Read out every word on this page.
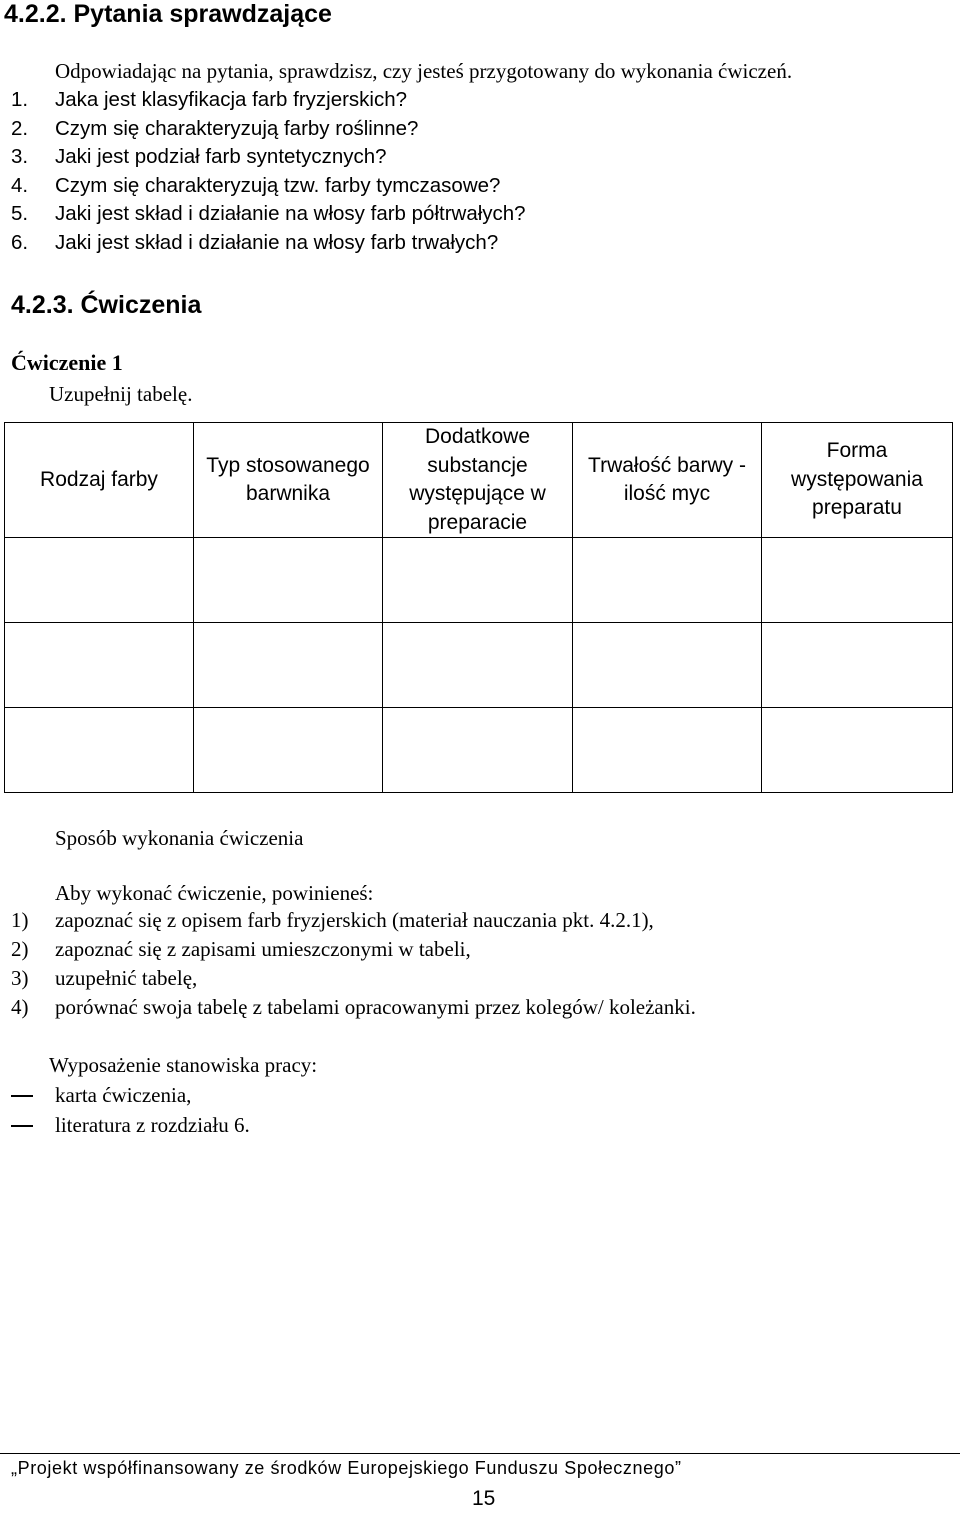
4.2.2. Pytania sprawdzające
Odpowiadając na pytania, sprawdzisz, czy jesteś przygotowany do wykonania ćwiczeń.
1.	Jaka jest klasyfikacja farb fryzjerskich?
2.	Czym się charakteryzują farby roślinne?
3.	Jaki jest podział farb syntetycznych?
4.	Czym się charakteryzują tzw. farby tymczasowe?
5.	Jaki jest skład i działanie na włosy farb półtrwałych?
6.	Jaki jest skład i działanie na włosy farb trwałych?
4.2.3. Ćwiczenia
Ćwiczenie 1
Uzupełnij tabelę.
Rodzaj farby	Typ stosowanego barwnika	Dodatkowe substancje występujące w preparacie	Trwałość barwy - ilość myc	Forma występowania preparatu

Sposób wykonania ćwiczenia
Aby wykonać ćwiczenie, powinieneś:
1) zapoznać się z opisem farb fryzjerskich (materiał nauczania pkt. 4.2.1),
2) zapoznać się z zapisami umieszczonymi w tabeli,
3) uzupełnić tabelę,
4) porównać swoja tabelę z tabelami opracowanymi przez kolegów/ koleżanki.
Wyposażenie stanowiska pracy:
karta ćwiczenia,
literatura z rozdziału 6.
„Projekt współfinansowany ze środków Europejskiego Funduszu Społecznego”
15
